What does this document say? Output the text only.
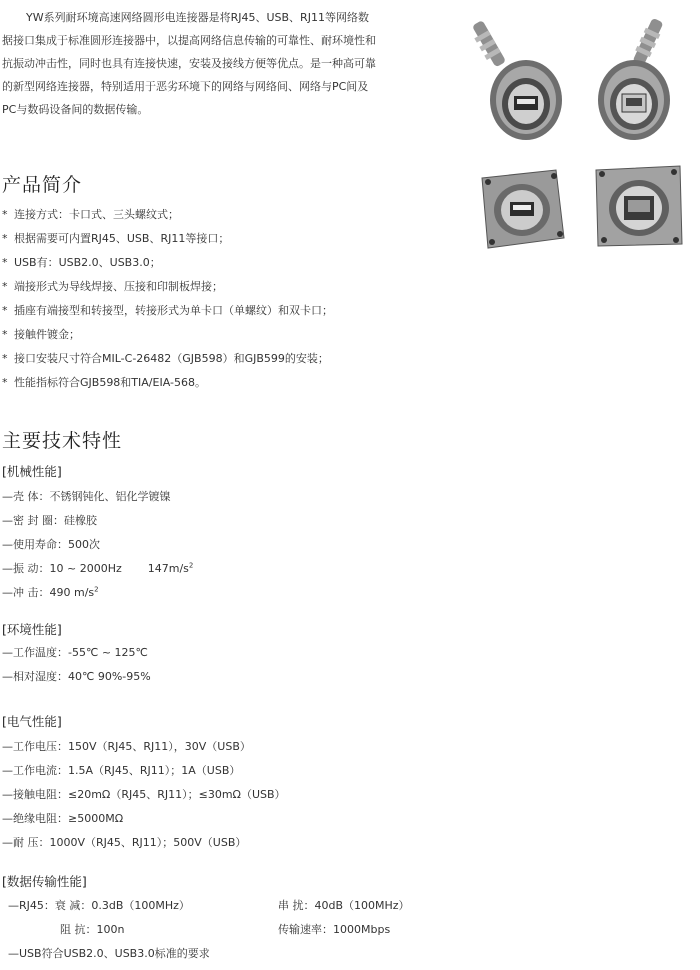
YW系列耐环境高速网络圆形电连接器是将RJ45、USB、RJ11等网络数据接口集成于标准圆形连接器中，以提高网络信息传输的可靠性、耐环境性和抗振动冲击性，同时也具有连接快速，安装及接线方便等优点。是一种高可靠的新型网络连接器，特别适用于恶劣环境下的网络与网络间、网络与PC间及PC与数码设备间的数据传输。
产品简介
* 连接方式：卡口式、三头螺纹式；
* 根据需要可内置RJ45、USB、RJ11等接口；
* USB有：USB2.0、USB3.0；
* 端接形式为导线焊接、压接和印制板焊接；
* 插座有端接型和转接型，转接形式为单卡口（单螺纹）和双卡口；
* 接触件镀金；
* 接口安装尺寸符合MIL-C-26482（GJB598）和GJB599的安装；
* 性能指标符合GJB598和TIA/EIA-568。
主要技术特性
[机械性能]
—壳 体：不锈钢钝化、铝化学镀镍
—密 封 圈：硅橡胶
—使用寿命：500次
—振 动：10 ~ 2000Hz $147m/s^2$
—冲 击：490 $m/s^2$
[环境性能]
—工作温度：-55℃ ~ 125℃
—相对湿度：40℃ 90%-95%
[电气性能]
—工作电压：150V（RJ45、RJ11），30V（USB）
—工作电流：1.5A（RJ45、RJ11）；1A（USB）
—接触电阻：≤20mΩ（RJ45、RJ11）；≤30mΩ（USB）
—绝缘电阻：≥5000MΩ
—耐 压：1000V（RJ45、RJ11）；500V（USB）
[数据传输性能]
—RJ45：衰 减：0.3dB（100MHz）	串 扰：40dB（100MHz）
阻 抗：100n	传输速率：1000Mbps
—USB符合USB2.0、USB3.0标准的要求
